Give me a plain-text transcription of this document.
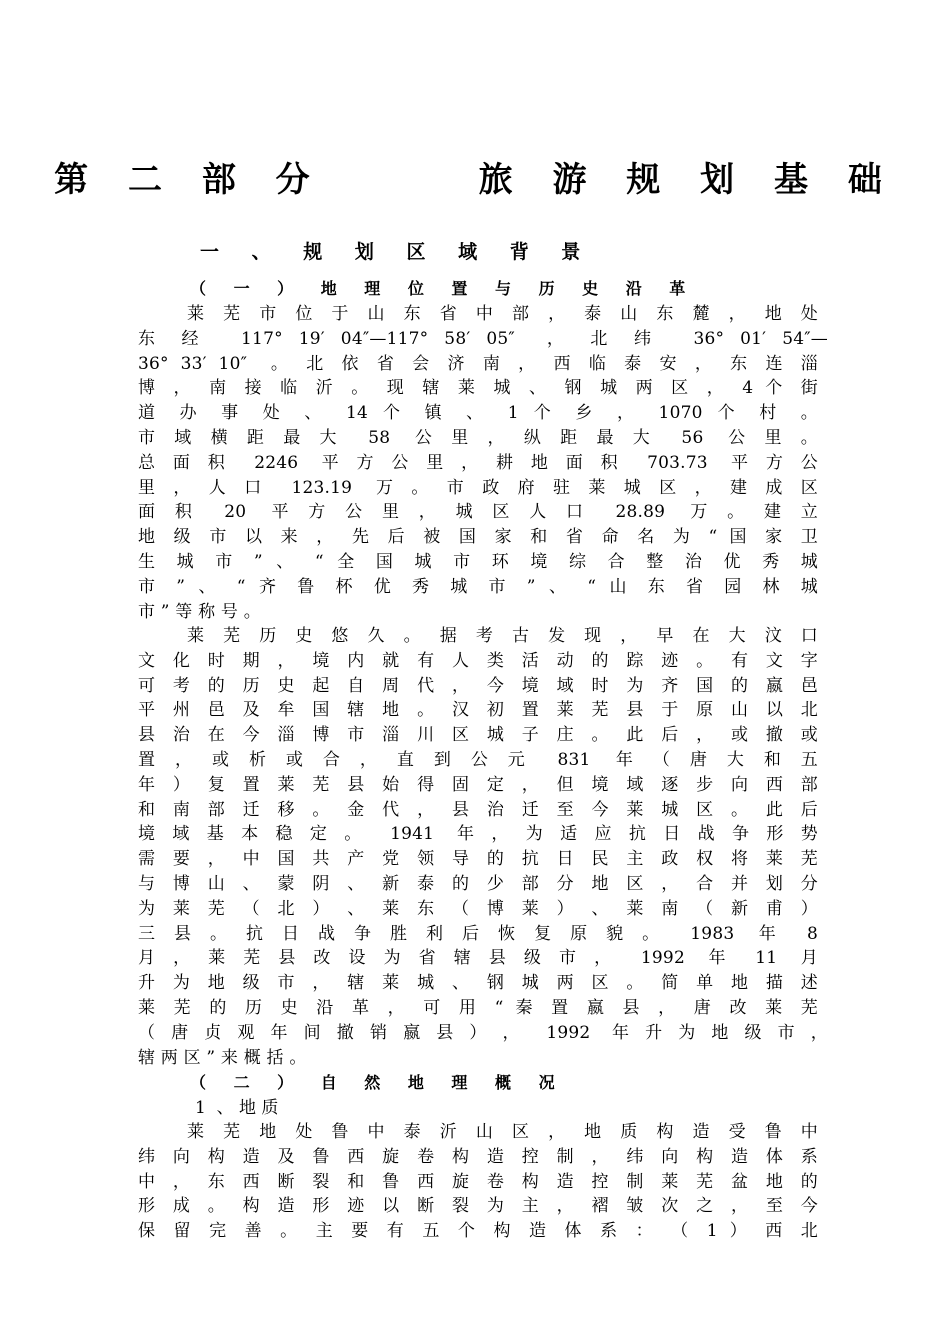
第 二 部 分      旅 游 规 划 基 础
一 、 规 划 区 域 背 景
（ 一 ） 地 理 位 置 与 历 史 沿 革
莱 芜 市 位 于 山 东 省 中 部 ， 泰 山 东 麓 ， 地 处
东 经  117° 19′ 04″—117° 58′ 05″  ， 北 纬  36° 01′ 54″—
36° 33′ 10″  。 北 依 省 会 济 南 ， 西 临 泰 安 ， 东 连 淄
博 ， 南 接 临 沂 。 现 辖 莱 城 、 钢 城 两 区 ， 4 个 街
道 办 事 处 、 14 个 镇 、 1 个 乡 ， 1070 个 村 。
市 域 横 距 最 大  58  公 里 ， 纵 距 最 大  56  公 里 。
总 面 积  2246  平 方 公 里 ， 耕 地 面 积  703.73  平 方 公
里 ， 人 口  123.19  万 。 市 政 府 驻 莱 城 区 ， 建 成 区
面 积  20  平 方 公 里 ， 城 区 人 口  28.89  万 。 建 立
地 级 市 以 来 ， 先 后 被 国 家 和 省 命 名 为 “ 国 家 卫
生 城 市 ” 、 “ 全 国 城 市 环 境 综 合 整 治 优 秀 城
市 ” 、 “ 齐 鲁 杯 优 秀 城 市 ” 、 “ 山 东 省 园 林 城
市 ” 等 称 号 。
莱 芜 历 史 悠 久 。 据 考 古 发 现 ， 早 在 大 汶 口
文 化 时 期 ， 境 内 就 有 人 类 活 动 的 踪 迹 。 有 文 字
可 考 的 历 史 起 自 周 代 ， 今 境 域 时 为 齐 国 的 嬴 邑
平 州 邑 及 牟 国 辖 地 。 汉 初 置 莱 芜 县 于 原 山 以 北
县 治 在 今 淄 博 市 淄 川 区 城 子 庄 。 此 后 ， 或 撤 或
置 ， 或 析 或 合 ， 直 到 公 元  831  年 （ 唐 大 和 五
年 ） 复 置 莱 芜 县 始 得 固 定 ， 但 境 域 逐 步 向 西 部
和 南 部 迁 移 。 金 代 ， 县 治 迁 至 今 莱 城 区 。 此 后
境 域 基 本 稳 定 。  1941  年 ， 为 适 应 抗 日 战 争 形 势
需 要 ， 中 国 共 产 党 领 导 的 抗 日 民 主 政 权 将 莱 芜
与 博 山 、 蒙 阴 、 新 泰 的 少 部 分 地 区 ， 合 并 划 分
为 莱 芜 （ 北 ） 、 莱 东 （ 博 莱 ） 、 莱 南 （ 新 甫 ）
三 县 。 抗 日 战 争 胜 利 后 恢 复 原 貌 。  1983  年  8
月 ， 莱 芜 县 改 设 为 省 辖 县 级 市 ，  1992  年  11  月
升 为 地 级 市 ， 辖 莱 城 、 钢 城 两 区 。 简 单 地 描 述
莱 芜 的 历 史 沿 革 ， 可 用 “ 秦 置 嬴 县 ， 唐 改 莱 芜
（ 唐 贞 观 年 间 撤 销 嬴 县 ） ，  1992  年 升 为 地 级 市 ，
辖 两 区 ” 来 概 括 。
（ 二 ） 自 然 地 理 概 况
1  、 地 质
莱 芜 地 处 鲁 中 泰 沂 山 区 ， 地 质 构 造 受 鲁 中
纬 向 构 造 及 鲁 西 旋 卷 构 造 控 制 ， 纬 向 构 造 体 系
中 ， 东 西 断 裂 和 鲁 西 旋 卷 构 造 控 制 莱 芜 盆 地 的
形 成 。 构 造 形 迹 以 断 裂 为 主 ， 褶 皱 次 之 ， 至 今
保 留 完 善 。 主 要 有 五 个 构 造 体 系 ： （ 1 ） 西 北
